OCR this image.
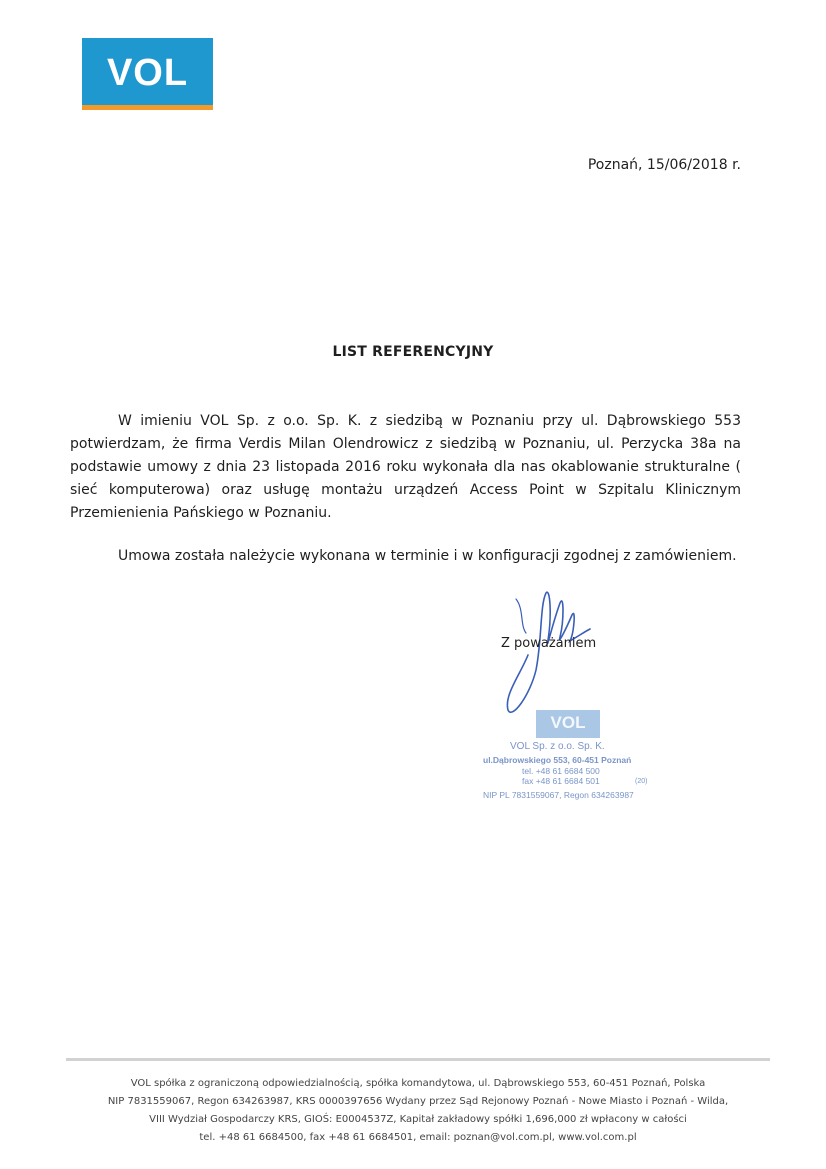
VOL
Poznań, 15/06/2018 r.
LIST REFERENCYJNY

W imieniu VOL Sp. z o.o. Sp. K. z siedzibą w Poznaniu przy ul. Dąbrowskiego 553 potwierdzam, że firma Verdis Milan Olendrowicz z siedzibą w Poznaniu, ul. Perzycka 38a na podstawie umowy z dnia 23 listopada 2016 roku wykonała dla nas okablowanie strukturalne ( sieć komputerowa) oraz usługę montażu urządzeń Access Point w Szpitalu Klinicznym Przemienienia Pańskiego w Poznaniu.

Umowa została należycie wykonana w terminie i w konfiguracji zgodnej z zamówieniem.

Z poważaniem
VOL
VOL Sp. z o.o. Sp. K.
ul.Dąbrowskiego 553, 60-451 Poznań
tel. +48 61 6684 500
fax +48 61 6684 501	(20)
NIP PL 7831559067, Regon 634263987
VOL spółka z ograniczoną odpowiedzialnością, spółka komandytowa, ul. Dąbrowskiego 553, 60-451 Poznań, Polska
NIP 7831559067, Regon 634263987, KRS 0000397656 Wydany przez Sąd Rejonowy Poznań - Nowe Miasto i Poznań - Wilda,
VIII Wydział Gospodarczy KRS, GIOŚ: E0004537Z, Kapitał zakładowy spółki 1,696,000 zł wpłacony w całości
tel. +48 61 6684500, fax +48 61 6684501, email: poznan@vol.com.pl, www.vol.com.pl
